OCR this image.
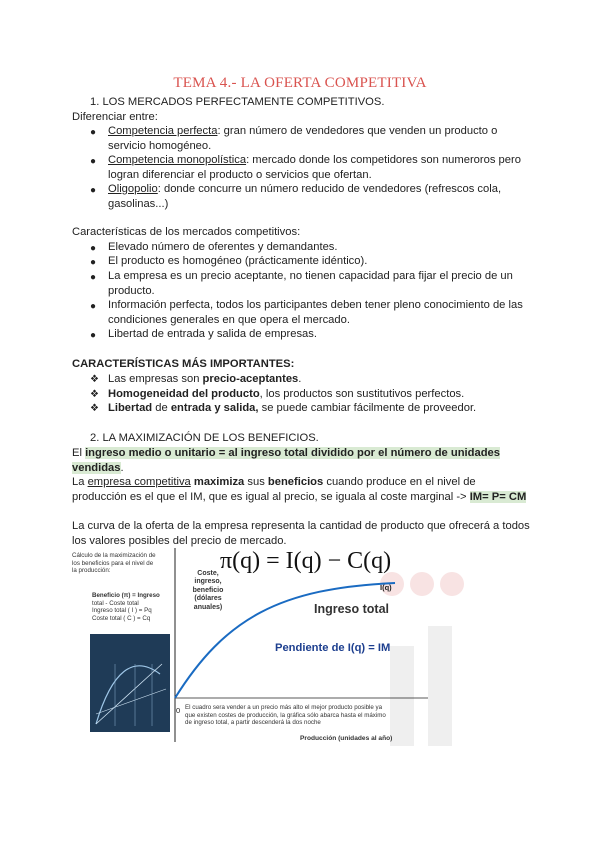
TEMA 4.- LA OFERTA COMPETITIVA
1. LOS MERCADOS PERFECTAMENTE COMPETITIVOS.
Diferenciar entre:
● Competencia perfecta: gran número de vendedores que venden un producto o
servicio homogéneo.
● Competencia monopolística: mercado donde los competidores son numeroros pero
logran diferenciar el producto o servicios que ofertan.
● Oligopolio: donde concurre un número reducido de vendedores (refrescos cola,
gasolinas...)
Características de los mercados competitivos:
● Elevado número de oferentes y demandantes.
● El producto es homogéneo (prácticamente idéntico).
● La empresa es un precio aceptante, no tienen capacidad para fijar el precio de un
producto.
● Información perfecta, todos los participantes deben tener pleno conocimiento de las
condiciones generales en que opera el mercado.
● Libertad de entrada y salida de empresas.
CARACTERÍSTICAS MÁS IMPORTANTES:
❖ Las empresas son precio-aceptantes.
❖ Homogeneidad del producto, los productos son sustitutivos perfectos.
❖ Libertad de entrada y salida, se puede cambiar fácilmente de proveedor.
2. LA MAXIMIZACIÓN DE LOS BENEFICIOS.
El ingreso medio o unitario = al ingreso total dividido por el número de unidades
vendidas.
La empresa competitiva maximiza sus beneficios cuando produce en el nivel de
producción es el que el IM, que es igual al precio, se iguala al coste marginal -> IM= P= CM
La curva de la oferta de la empresa representa la cantidad de producto que ofrecerá a todos
los valores posibles del precio de mercado.
Cálculo de la maximización de
los beneficios para el nivel de
la producción:
Beneficio (π) = Ingreso
total - Coste total
Ingreso total ( I ) = Pq
Coste total ( C ) = Cq
π(q) = I(q) − C(q)
Coste,
ingreso,
beneficio
(dólares
anuales)
I(q)
Ingreso total
Pendiente de I(q) = IM
0 El cuadro sera vender a un precio más alto el mejor producto posible ya
que existen costes de producción, la gráfica sólo abarca hasta el máximo
de ingreso total, a partir descenderá la dos noche
Producción (unidades al año)
